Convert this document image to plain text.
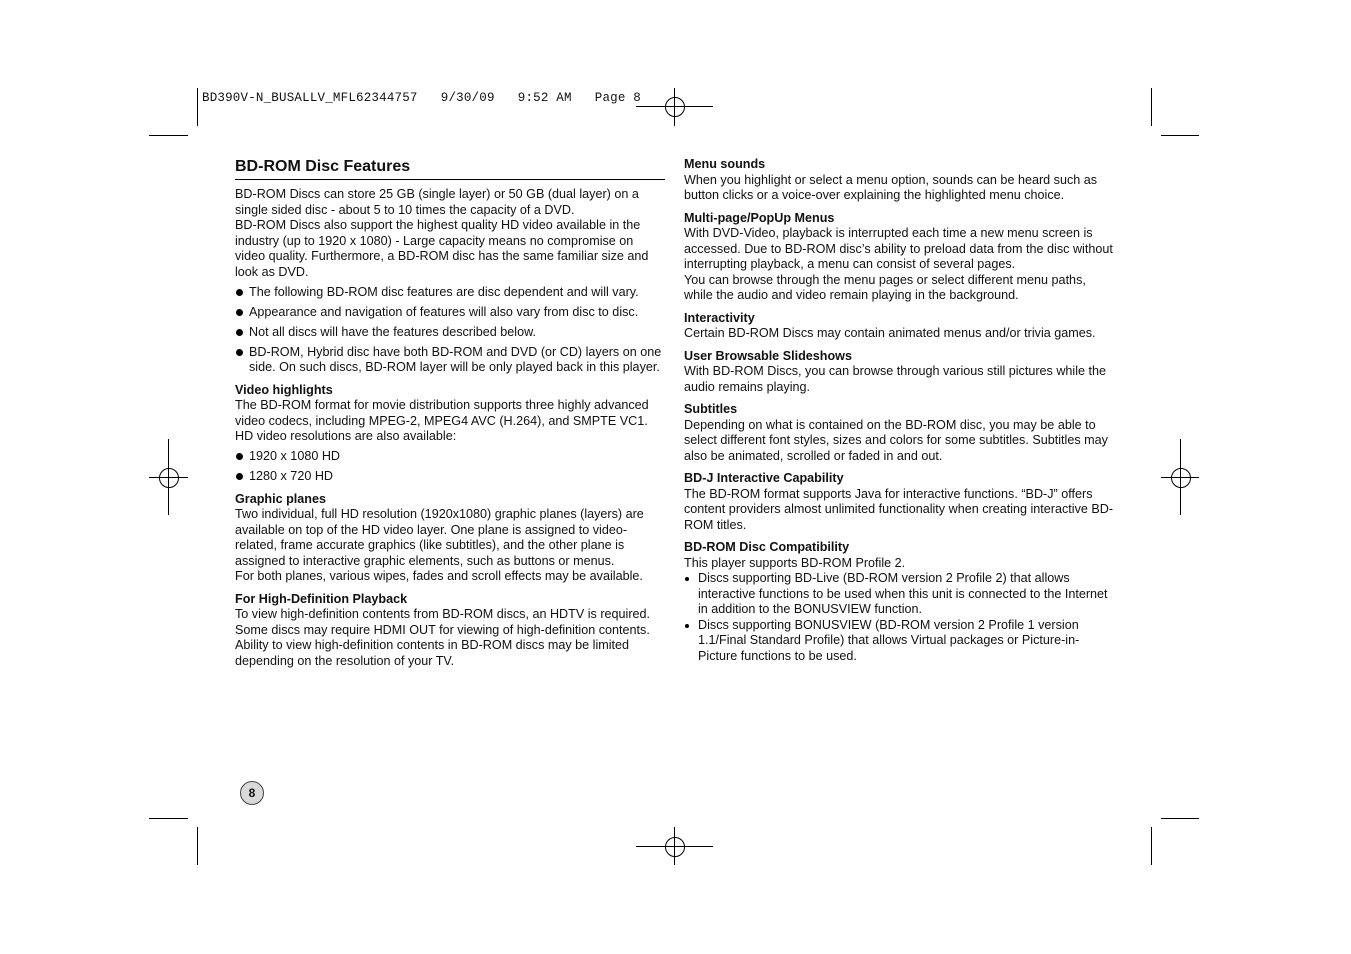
BD390V-N_BUSALLV_MFL62344757   9/30/09   9:52 AM   Page 8
BD-ROM Disc Features

BD-ROM Discs can store 25 GB (single layer) or 50 GB (dual layer) on a single sided disc - about 5 to 10 times the capacity of a DVD.

BD-ROM Discs also support the highest quality HD video available in the industry (up to 1920 x 1080) - Large capacity means no compromise on video quality. Furthermore, a BD-ROM disc has the same familiar size and look as DVD.

The following BD-ROM disc features are disc dependent and will vary.
Appearance and navigation of features will also vary from disc to disc.
Not all discs will have the features described below.
BD-ROM, Hybrid disc have both BD-ROM and DVD (or CD) layers on one side. On such discs, BD-ROM layer will be only played back in this player.
Video highlights

The BD-ROM format for movie distribution supports three highly advanced video codecs, including MPEG-2, MPEG4 AVC (H.264), and SMPTE VC1. HD video resolutions are also available:

1920 x 1080 HD
1280 x 720 HD
Graphic planes

Two individual, full HD resolution (1920x1080) graphic planes (layers) are available on top of the HD video layer. One plane is assigned to video-related, frame accurate graphics (like subtitles), and the other plane is assigned to interactive graphic elements, such as buttons or menus.

For both planes, various wipes, fades and scroll effects may be available.

For High-Definition Playback

To view high-definition contents from BD-ROM discs, an HDTV is required. Some discs may require HDMI OUT for viewing of high-definition contents. Ability to view high-definition contents in BD-ROM discs may be limited depending on the resolution of your TV.

Menu sounds

When you highlight or select a menu option, sounds can be heard such as button clicks or a voice-over explaining the highlighted menu choice.

Multi-page/PopUp Menus

With DVD-Video, playback is interrupted each time a new menu screen is accessed. Due to BD-ROM disc’s ability to preload data from the disc without interrupting playback, a menu can consist of several pages.

You can browse through the menu pages or select different menu paths, while the audio and video remain playing in the background.

Interactivity

Certain BD-ROM Discs may contain animated menus and/or trivia games.

User Browsable Slideshows

With BD-ROM Discs, you can browse through various still pictures while the audio remains playing.

Subtitles

Depending on what is contained on the BD-ROM disc, you may be able to select different font styles, sizes and colors for some subtitles. Subtitles may also be animated, scrolled or faded in and out.

BD-J Interactive Capability

The BD-ROM format supports Java for interactive functions. “BD-J” offers content providers almost unlimited functionality when creating interactive BD-ROM titles.

BD-ROM Disc Compatibility

This player supports BD-ROM Profile 2.

Discs supporting BD-Live (BD-ROM version 2 Profile 2) that allows interactive functions to be used when this unit is connected to the Internet in addition to the BONUSVIEW function.
Discs supporting BONUSVIEW (BD-ROM version 2 Profile 1 version 1.1/Final Standard Profile) that allows Virtual packages or Picture-in-Picture functions to be used.
8
